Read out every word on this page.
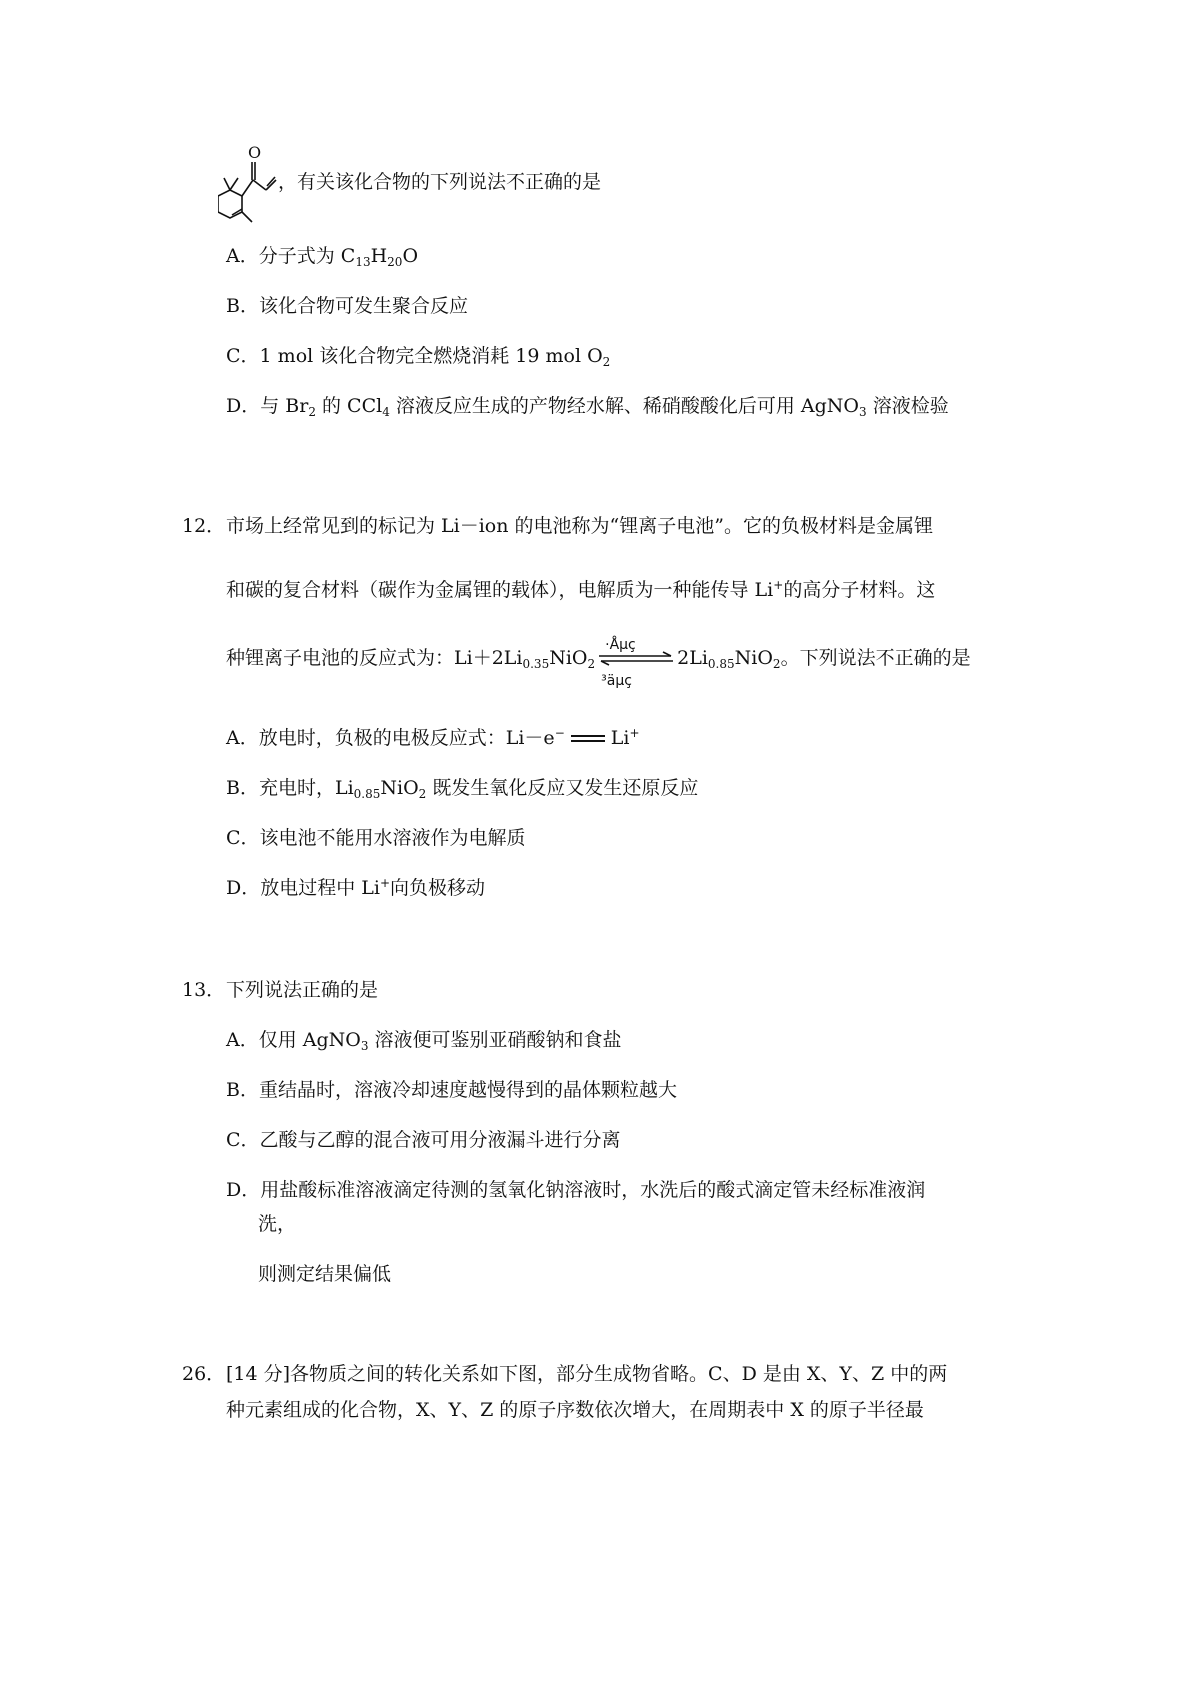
O
，有关该化合物的下列说法不正确的是
A．分子式为 $C_{13}H_{20}O$
B．该化合物可发生聚合反应
C．1 mol 该化合物完全燃烧消耗 19 mol $O_2$
D．与 $Br_2$ 的 CCl$_4$ 溶液反应生成的产物经水解、稀硝酸酸化后可用 AgNO$_3$ 溶液检验
12． 市场上经常见到的标记为 Li－ion 的电池称为“锂离子电池”。它的负极材料是金属锂
和碳的复合材料（碳作为金属锂的载体），电解质为一种能传导 Li+的高分子材料。这
种锂离子电池的反应式为：$Li+2Li_{0.35}NiO_2$
·Åµç
³äµç
$2Li_{0.85}NiO_2$。下列说法不正确的是
A．放电时，负极的电极反应式：Li－e− Li+
B．充电时，$Li_{0.85}NiO_2$ 既发生氧化反应又发生还原反应
C．该电池不能用水溶液作为电解质
D．放电过程中 Li+向负极移动
13． 下列说法正确的是
A．仅用 AgNO$_3$ 溶液便可鉴别亚硝酸钠和食盐
B．重结晶时，溶液冷却速度越慢得到的晶体颗粒越大
C．乙酸与乙醇的混合液可用分液漏斗进行分离
D．用盐酸标准溶液滴定待测的氢氧化钠溶液时，水洗后的酸式滴定管未经标准液润
洗，
则测定结果偏低
26． [14 分]各物质之间的转化关系如下图，部分生成物省略。C、D 是由 X、Y、Z 中的两
种元素组成的化合物，X、Y、Z 的原子序数依次增大，在周期表中 X 的原子半径最
